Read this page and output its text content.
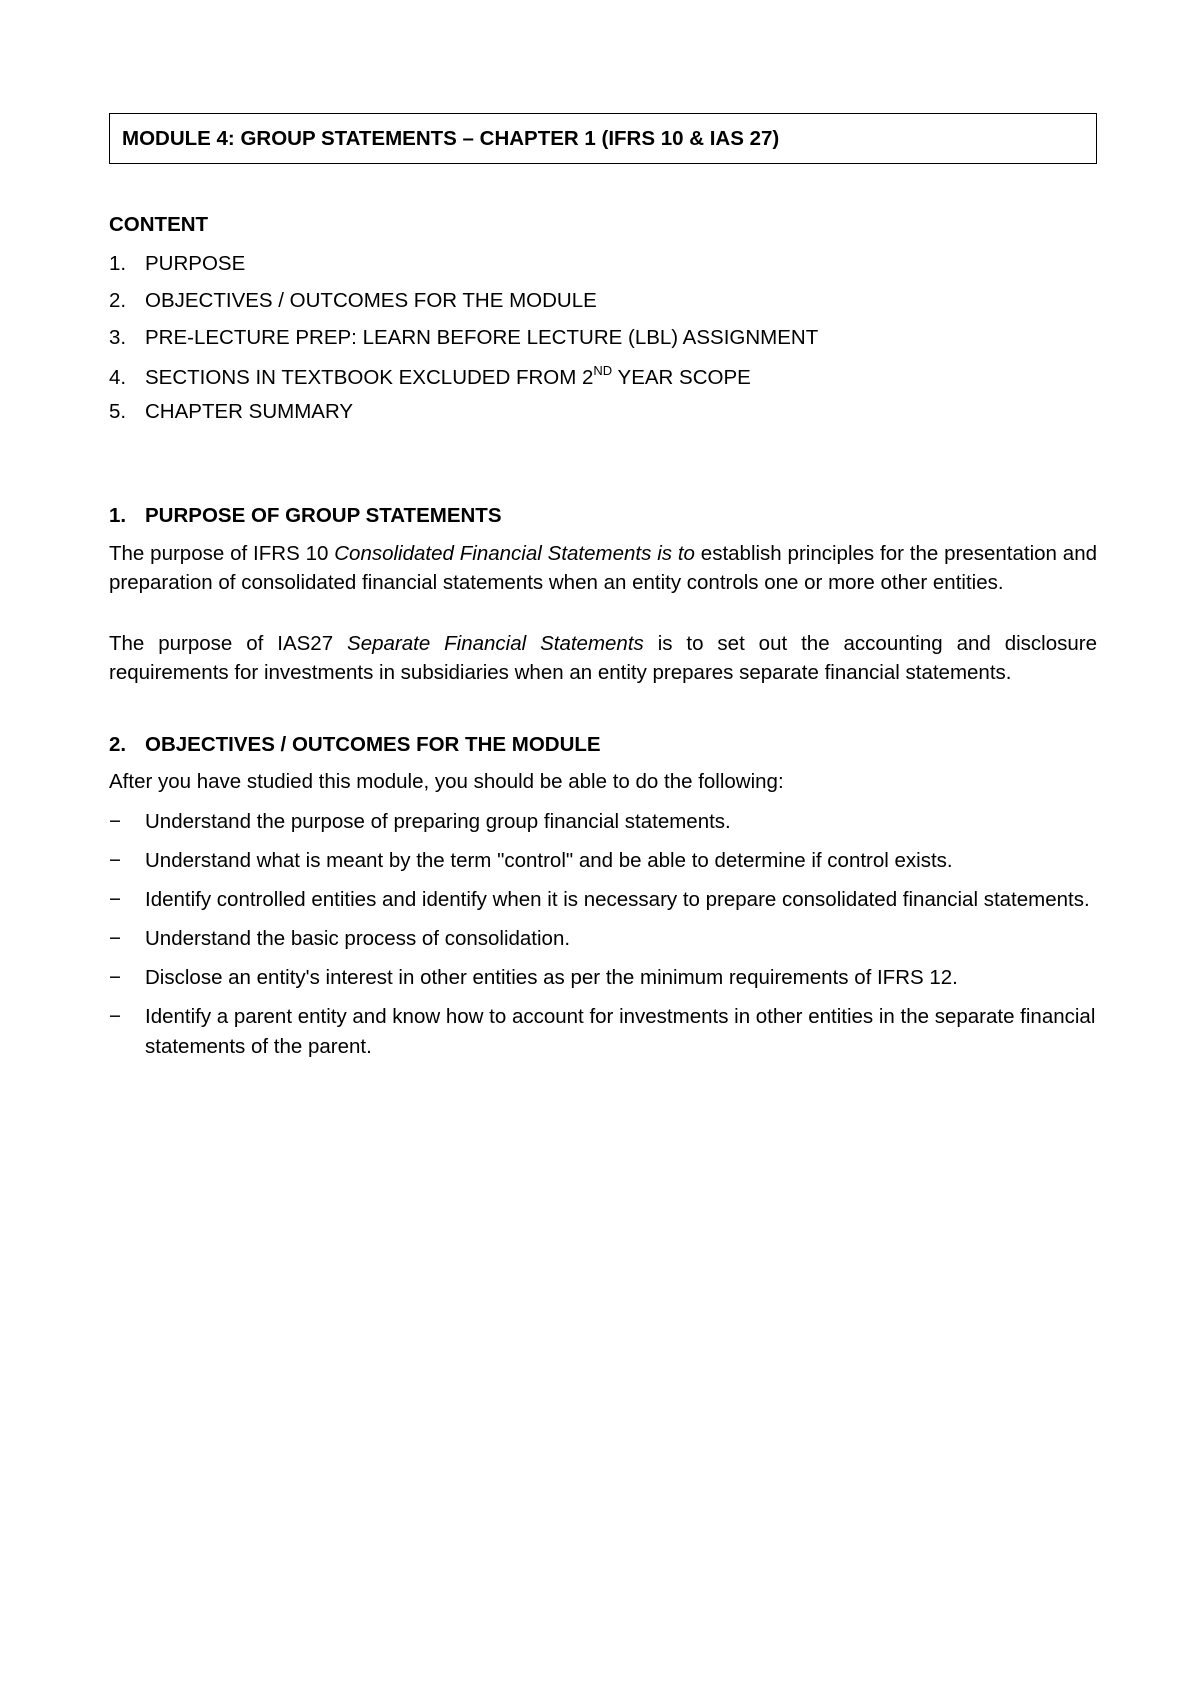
MODULE 4: GROUP STATEMENTS – CHAPTER 1 (IFRS 10 & IAS 27)
CONTENT
1. PURPOSE
2. OBJECTIVES / OUTCOMES FOR THE MODULE
3. PRE-LECTURE PREP: LEARN BEFORE LECTURE (LBL) ASSIGNMENT
4. SECTIONS IN TEXTBOOK EXCLUDED FROM 2ND YEAR SCOPE
5. CHAPTER SUMMARY
1. PURPOSE OF GROUP STATEMENTS
The purpose of IFRS 10 Consolidated Financial Statements is to establish principles for the presentation and preparation of consolidated financial statements when an entity controls one or more other entities.
The purpose of IAS27 Separate Financial Statements is to set out the accounting and disclosure requirements for investments in subsidiaries when an entity prepares separate financial statements.
2. OBJECTIVES / OUTCOMES FOR THE MODULE
After you have studied this module, you should be able to do the following:
− Understand the purpose of preparing group financial statements.
− Understand what is meant by the term "control" and be able to determine if control exists.
− Identify controlled entities and identify when it is necessary to prepare consolidated financial statements.
− Understand the basic process of consolidation.
− Disclose an entity's interest in other entities as per the minimum requirements of IFRS 12.
− Identify a parent entity and know how to account for investments in other entities in the separate financial statements of the parent.
